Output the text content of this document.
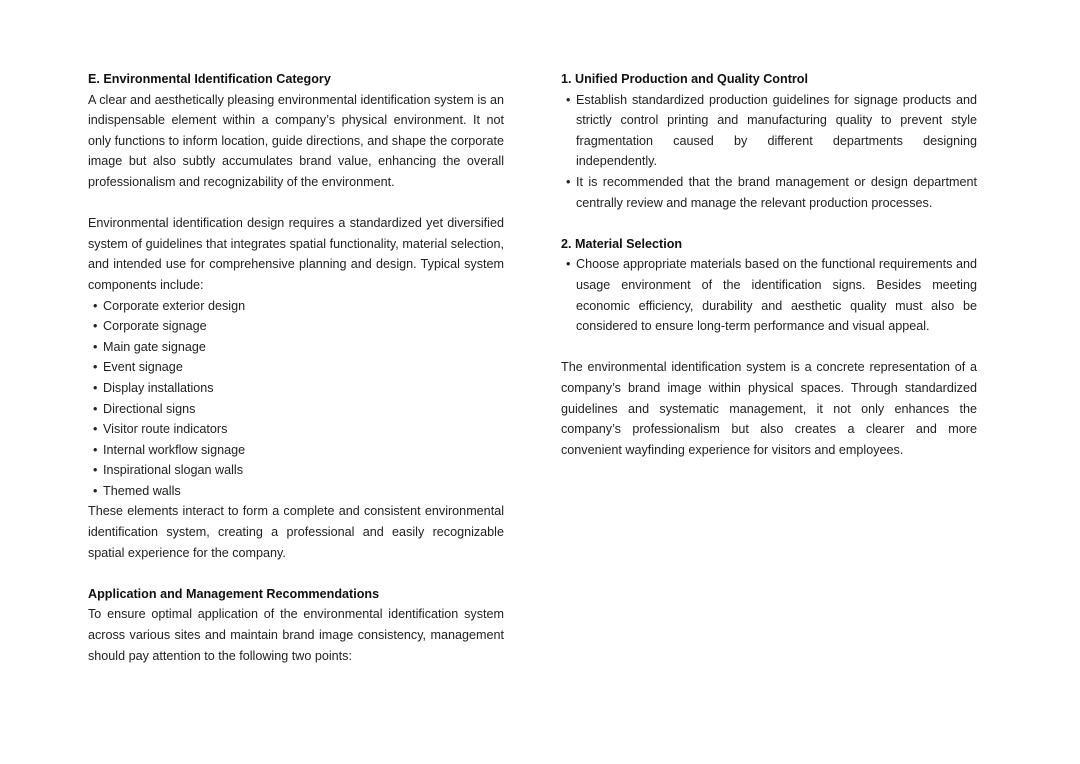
E. Environmental Identification Category

A clear and aesthetically pleasing environmental identification system is an indispensable element within a company’s physical environment. It not only functions to inform location, guide directions, and shape the corporate image but also subtly accumulates brand value, enhancing the overall professionalism and recognizability of the environment.

Environmental identification design requires a standardized yet diversified system of guidelines that integrates spatial functionality, material selection, and intended use for comprehensive planning and design. Typical system components include:

• Corporate exterior design
• Corporate signage
• Main gate signage
• Event signage
• Display installations
• Directional signs
• Visitor route indicators
• Internal workflow signage
• Inspirational slogan walls
• Themed walls

These elements interact to form a complete and consistent environmental identification system, creating a professional and easily recognizable spatial experience for the company.

Application and Management Recommendations

To ensure optimal application of the environmental identification system across various sites and maintain brand image consistency, management should pay attention to the following two points:

1. Unified Production and Quality Control

• Establish standardized production guidelines for signage products and strictly control printing and manufacturing quality to prevent style fragmentation caused by different departments designing independently.
• It is recommended that the brand management or design department centrally review and manage the relevant production processes.

2. Material Selection

• Choose appropriate materials based on the functional requirements and usage environment of the identification signs. Besides meeting economic efficiency, durability and aesthetic quality must also be considered to ensure long-term performance and visual appeal.

The environmental identification system is a concrete representation of a company’s brand image within physical spaces. Through standardized guidelines and systematic management, it not only enhances the company’s professionalism but also creates a clearer and more convenient wayfinding experience for visitors and employees.
